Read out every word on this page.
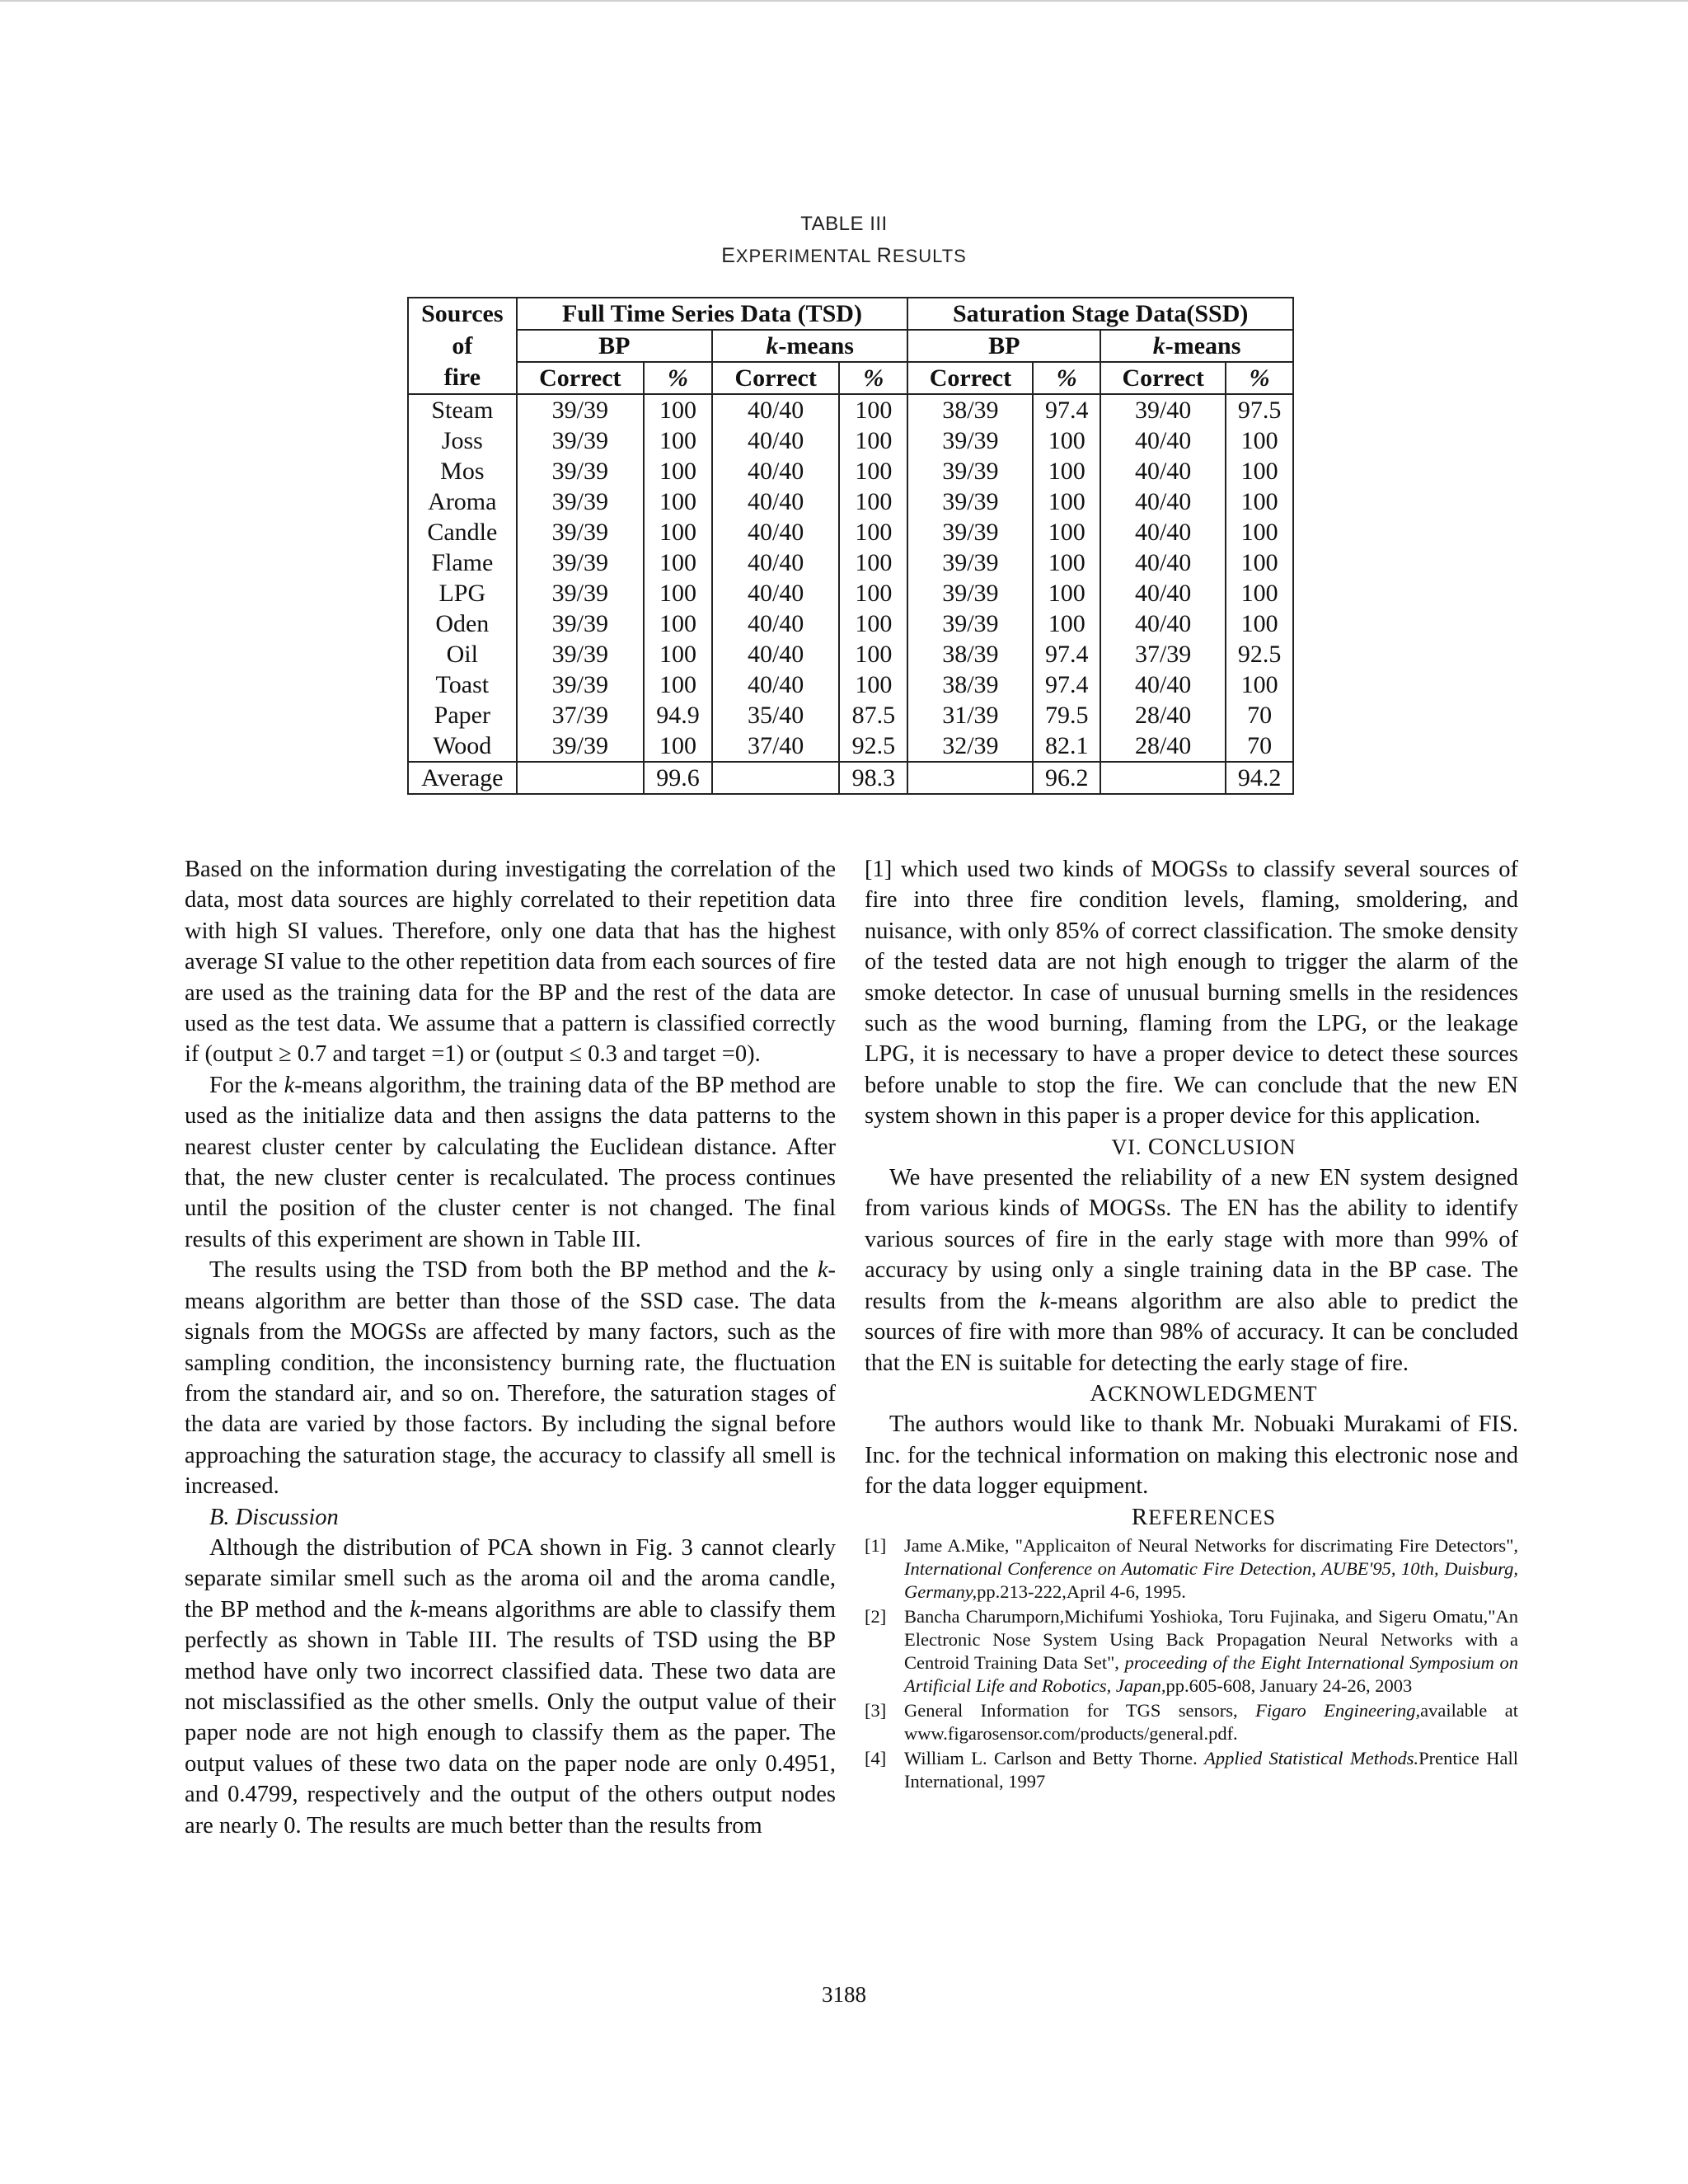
TABLE III
EXPERIMENTAL RESULTS
Sources	Full Time Series Data (TSD)				Saturation Stage Data(SSD)			
of	BP		k-means		BP		k-means	
fire	Correct	%	Correct	%	Correct	%	Correct	%
Steam	39/39	100	40/40	100	38/39	97.4	39/40	97.5
Joss	39/39	100	40/40	100	39/39	100	40/40	100
Mos	39/39	100	40/40	100	39/39	100	40/40	100
Aroma	39/39	100	40/40	100	39/39	100	40/40	100
Candle	39/39	100	40/40	100	39/39	100	40/40	100
Flame	39/39	100	40/40	100	39/39	100	40/40	100
LPG	39/39	100	40/40	100	39/39	100	40/40	100
Oden	39/39	100	40/40	100	39/39	100	40/40	100
Oil	39/39	100	40/40	100	38/39	97.4	37/39	92.5
Toast	39/39	100	40/40	100	38/39	97.4	40/40	100
Paper	37/39	94.9	35/40	87.5	31/39	79.5	28/40	70
Wood	39/39	100	37/40	92.5	32/39	82.1	28/40	70
Average		99.6		98.3		96.2		94.2

Based on the information during investigating the correlation of the data, most data sources are highly correlated to their repetition data with high SI values. Therefore, only one data that has the highest average SI value to the other repetition data from each sources of fire are used as the training data for the BP and the rest of the data are used as the test data. We assume that a pattern is classified correctly if (output ≥ 0.7 and target =1) or (output ≤ 0.3 and target =0).

For the k-means algorithm, the training data of the BP method are used as the initialize data and then assigns the data patterns to the nearest cluster center by calculating the Euclidean distance. After that, the new cluster center is recalculated. The process continues until the position of the cluster center is not changed. The final results of this experiment are shown in Table III.

The results using the TSD from both the BP method and the k-means algorithm are better than those of the SSD case. The data signals from the MOGSs are affected by many factors, such as the sampling condition, the inconsistency burning rate, the fluctuation from the standard air, and so on. Therefore, the saturation stages of the data are varied by those factors. By including the signal before approaching the saturation stage, the accuracy to classify all smell is increased.

B. Discussion

Although the distribution of PCA shown in Fig. 3 cannot clearly separate similar smell such as the aroma oil and the aroma candle, the BP method and the k-means algorithms are able to classify them perfectly as shown in Table III. The results of TSD using the BP method have only two incorrect classified data. These two data are not misclassified as the other smells. Only the output value of their paper node are not high enough to classify them as the paper. The output values of these two data on the paper node are only 0.4951, and 0.4799, respectively and the output of the others output nodes are nearly 0. The results are much better than the results from

[1] which used two kinds of MOGSs to classify several sources of fire into three fire condition levels, flaming, smoldering, and nuisance, with only 85% of correct classification. The smoke density of the tested data are not high enough to trigger the alarm of the smoke detector. In case of unusual burning smells in the residences such as the wood burning, flaming from the LPG, or the leakage LPG, it is necessary to have a proper device to detect these sources before unable to stop the fire. We can conclude that the new EN system shown in this paper is a proper device for this application.

VI. CONCLUSION

We have presented the reliability of a new EN system designed from various kinds of MOGSs. The EN has the ability to identify various sources of fire in the early stage with more than 99% of accuracy by using only a single training data in the BP case. The results from the k-means algorithm are also able to predict the sources of fire with more than 98% of accuracy. It can be concluded that the EN is suitable for detecting the early stage of fire.

ACKNOWLEDGMENT

The authors would like to thank Mr. Nobuaki Murakami of FIS. Inc. for the technical information on making this electronic nose and for the data logger equipment.

REFERENCES

[1] Jame A.Mike, "Applicaiton of Neural Networks for discrimating Fire Detectors", International Conference on Automatic Fire Detection, AUBE'95, 10th, Duisburg, Germany,pp.213-222,April 4-6, 1995.
[2] Bancha Charumporn,Michifumi Yoshioka, Toru Fujinaka, and Sigeru Omatu,"An Electronic Nose System Using Back Propagation Neural Networks with a Centroid Training Data Set", proceeding of the Eight International Symposium on Artificial Life and Robotics, Japan,pp.605-608, January 24-26, 2003
[3] General Information for TGS sensors, Figaro Engineering,available at www.figarosensor.com/products/general.pdf.
[4] William L. Carlson and Betty Thorne. Applied Statistical Methods.Prentice Hall International, 1997
3188
